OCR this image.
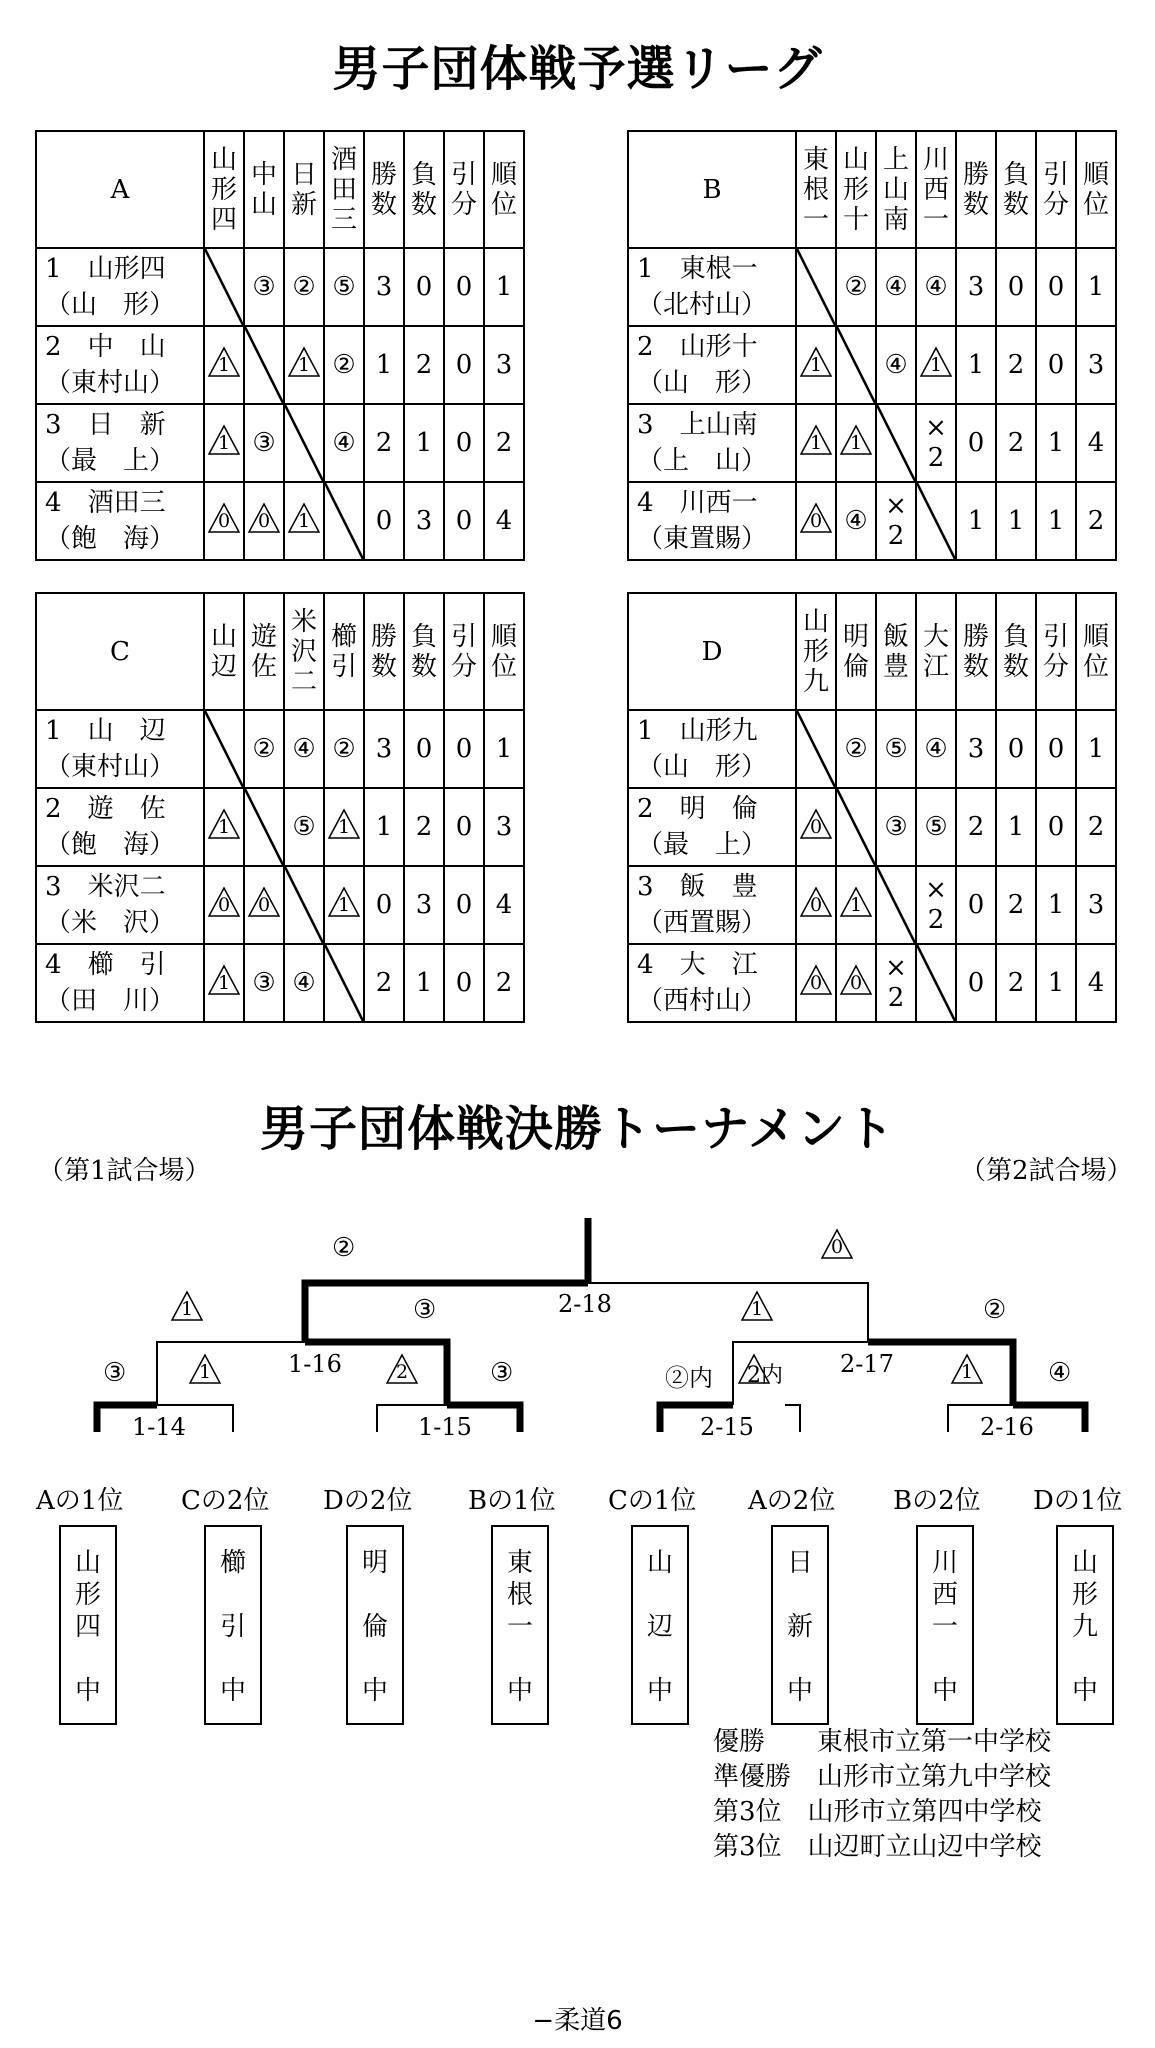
男子団体戦予選リーグ
A	山形四	中山	日新	酒田三	勝数	負数	引分	順位

1　 山形四
（山　形）		③	②	⑤	3	0	0	1
2　 中　山
（東村山）	1		1	②	1	2	0	3
3　 日　新
（最　上）	1	③		④	2	1	0	2
4　 酒田三
（飽　海）	0	0	1		0	3	0	4
B	東根一	山形十	上山南	川西一	勝数	負数	引分	順位

1　 東根一
（北村山）		②	④	④	3	0	0	1
2　 山形十
（山　形）	1		④	1	1	2	0	3
3　 上山南
（上　山）	1	1		×
2	0	2	1	4
4　 川西一
（東置賜）	0	④	×
2		1	1	1	2
C	山辺	遊佐	米沢二	櫛引	勝数	負数	引分	順位

1　 山　辺
（東村山）		②	④	②	3	0	0	1
2　 遊　佐
（飽　海）	1		⑤	1	1	2	0	3
3　 米沢二
（米　沢）	0	0		1	0	3	0	4
4　 櫛　引
（田　川）	1	③	④		2	1	0	2
D	山形九	明倫	飯豊	大江	勝数	負数	引分	順位

1　 山形九
（山　形）		②	⑤	④	3	0	0	1
2　 明　倫
（最　上）	0		③	⑤	2	1	0	2
3　 飯　豊
（西置賜）	0	1		×
2	0	2	1	3
4　 大　江
（西村山）	0	0	×
2		0	2	1	4
男子団体戦決勝トーナメント
（第1試合場）	（第2試合場）
1-14	1-15
1-16
2-15	2-16
2-17
2-18
②	0
1	③	1	②
③	1	2	③	②内 2内	1	④
Aの1位 Cの2位 Dの2位 Bの1位 Cの1位 Aの2位 Bの2位 Dの1位
山
形
四

中
櫛

引

中
明

倫

中
東
根
一

中
山

辺

中
日

新

中
川
西
一

中
山
形
九

中
優勝　　東根市立第一中学校
準優勝　山形市立第九中学校
第3位　山形市立第四中学校
第3位　山辺町立山辺中学校
−柔道6
